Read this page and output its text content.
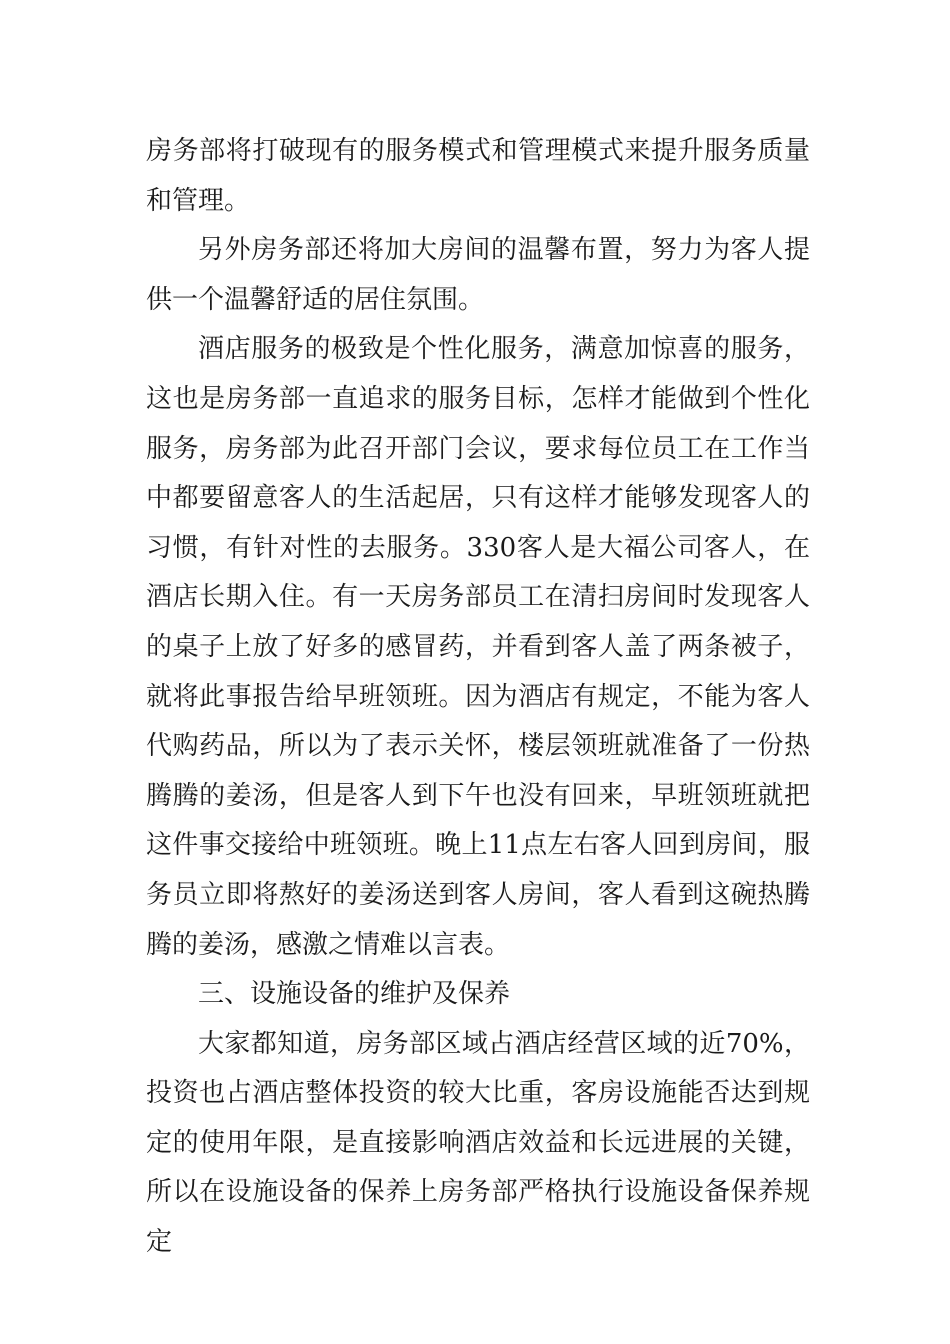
房务部将打破现有的服务模式和管理模式来提升服务质量和管理。

另外房务部还将加大房间的温馨布置，努力为客人提供一个温馨舒适的居住氛围。

酒店服务的极致是个性化服务，满意加惊喜的服务，这也是房务部一直追求的服务目标，怎样才能做到个性化服务，房务部为此召开部门会议，要求每位员工在工作当中都要留意客人的生活起居，只有这样才能够发现客人的习惯，有针对性的去服务。330客人是大福公司客人，在酒店长期入住。有一天房务部员工在清扫房间时发现客人的桌子上放了好多的感冒药，并看到客人盖了两条被子，就将此事报告给早班领班。因为酒店有规定，不能为客人代购药品，所以为了表示关怀，楼层领班就准备了一份热腾腾的姜汤，但是客人到下午也没有回来，早班领班就把这件事交接给中班领班。晚上11点左右客人回到房间，服务员立即将熬好的姜汤送到客人房间，客人看到这碗热腾腾的姜汤，感激之情难以言表。

三、设施设备的维护及保养

大家都知道，房务部区域占酒店经营区域的近70%，投资也占酒店整体投资的较大比重，客房设施能否达到规定的使用年限，是直接影响酒店效益和长远进展的关键，所以在设施设备的保养上房务部严格执行设施设备保养规定
